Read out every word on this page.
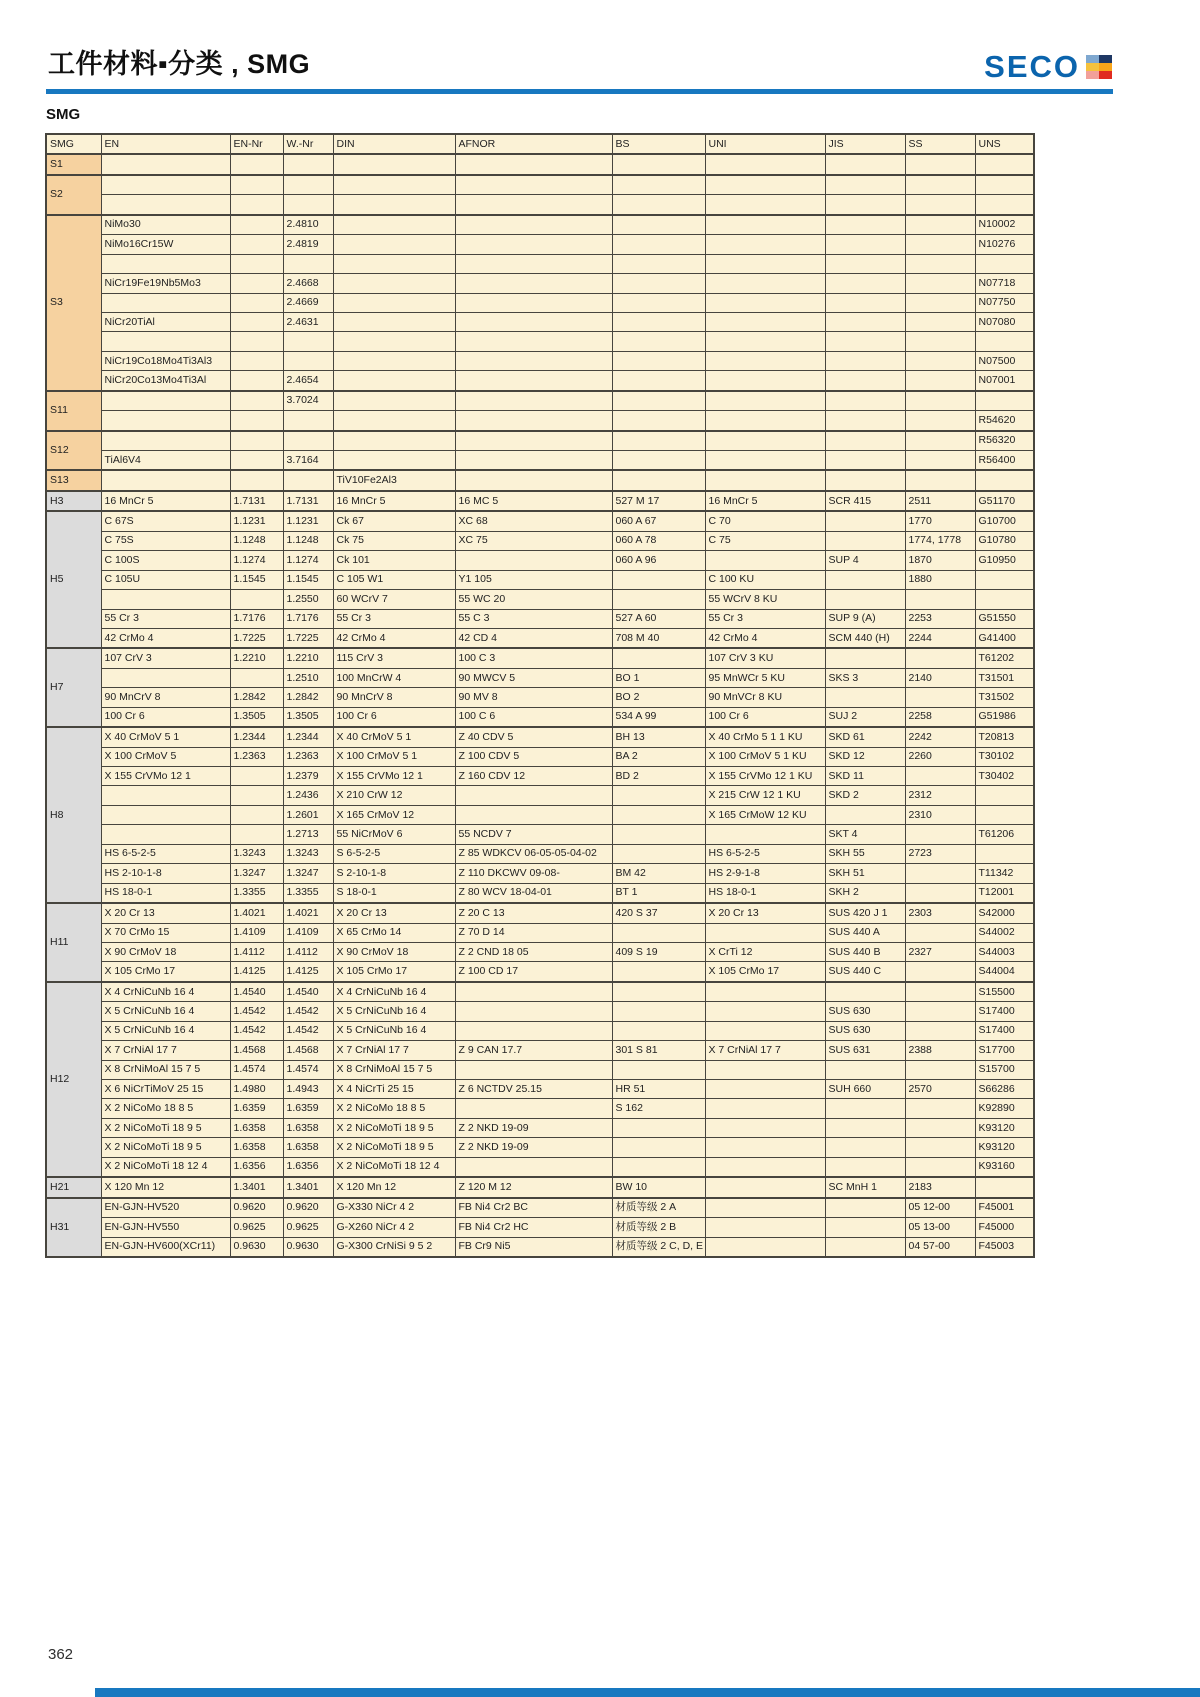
工件材料▪分类 , SMG	SECO
SMG
SMG	EN	EN-Nr	W.-Nr	DIN	AFNOR	BS	UNI	JIS	SS	UNS
S1										
S2										

S3	NiMo30		2.4810							N10002
	NiMo16Cr15W		2.4819							N10276

	NiCr19Fe19Nb5Mo3		2.4668							N07718
			2.4669							N07750
	NiCr20TiAl		2.4631							N07080

	NiCr19Co18Mo4Ti3Al3									N07500
	NiCr20Co13Mo4Ti3Al		2.4654							N07001
S11			3.7024							
										R54620
S12										R56320
	TiAl6V4		3.7164							R56400
S13				TiV10Fe2Al3						
H3	16 MnCr 5	1.7131	1.7131	16 MnCr 5	16 MC 5	527 M 17	16 MnCr 5	SCR 415	2511	G51170
H5	C 67S	1.1231	1.1231	Ck 67	XC 68	060 A 67	C 70		1770	G10700
	C 75S	1.1248	1.1248	Ck 75	XC 75	060 A 78	C 75		1774, 1778	G10780
	C 100S	1.1274	1.1274	Ck 101		060 A 96		SUP 4	1870	G10950
	C 105U	1.1545	1.1545	C 105 W1	Y1 105		C 100 KU		1880	
			1.2550	60 WCrV 7	55 WC 20		55 WCrV 8 KU			
	55 Cr 3	1.7176	1.7176	55 Cr 3	55 C 3	527 A 60	55 Cr 3	SUP 9 (A)	2253	G51550
	42 CrMo 4	1.7225	1.7225	42 CrMo 4	42 CD 4	708 M 40	42 CrMo 4	SCM 440 (H)	2244	G41400
H7	107 CrV 3	1.2210	1.2210	115 CrV 3	100 C 3		107 CrV 3 KU			T61202
			1.2510	100 MnCrW 4	90 MWCV 5	BO 1	95 MnWCr 5 KU	SKS 3	2140	T31501
	90 MnCrV 8	1.2842	1.2842	90 MnCrV 8	90 MV 8	BO 2	90 MnVCr 8 KU			T31502
	100 Cr 6	1.3505	1.3505	100 Cr 6	100 C 6	534 A 99	100 Cr 6	SUJ 2	2258	G51986
H8	X 40 CrMoV 5 1	1.2344	1.2344	X 40 CrMoV 5 1	Z 40 CDV 5	BH 13	X 40 CrMo 5 1 1 KU	SKD 61	2242	T20813
	X 100 CrMoV 5	1.2363	1.2363	X 100 CrMoV 5 1	Z 100 CDV 5	BA 2	X 100 CrMoV 5 1 KU	SKD 12	2260	T30102
	X 155 CrVMo 12 1		1.2379	X 155 CrVMo 12 1	Z 160 CDV 12	BD 2	X 155 CrVMo 12 1 KU	SKD 11		T30402
			1.2436	X 210 CrW 12			X 215 CrW 12 1 KU	SKD 2	2312	
			1.2601	X 165 CrMoV 12			X 165 CrMoW 12 KU		2310	
			1.2713	55 NiCrMoV 6	55 NCDV 7			SKT 4		T61206
	HS 6-5-2-5	1.3243	1.3243	S 6-5-2-5	Z 85 WDKCV 06-05-05-04-02		HS 6-5-2-5	SKH 55	2723	
	HS 2-10-1-8	1.3247	1.3247	S 2-10-1-8	Z 110 DKCWV 09-08-	BM 42	HS 2-9-1-8	SKH 51		T11342
	HS 18-0-1	1.3355	1.3355	S 18-0-1	Z 80 WCV 18-04-01	BT 1	HS 18-0-1	SKH 2		T12001
H11	X 20 Cr 13	1.4021	1.4021	X 20 Cr 13	Z 20 C 13	420 S 37	X 20 Cr 13	SUS 420 J 1	2303	S42000
	X 70 CrMo 15	1.4109	1.4109	X 65 CrMo 14	Z 70 D 14			SUS 440 A		S44002
	X 90 CrMoV 18	1.4112	1.4112	X 90 CrMoV 18	Z 2 CND 18 05	409 S 19	X CrTi 12	SUS 440 B	2327	S44003
	X 105 CrMo 17	1.4125	1.4125	X 105 CrMo 17	Z 100 CD 17		X 105 CrMo 17	SUS 440 C		S44004
H12	X 4 CrNiCuNb 16 4	1.4540	1.4540	X 4 CrNiCuNb 16 4						S15500
	X 5 CrNiCuNb 16 4	1.4542	1.4542	X 5 CrNiCuNb 16 4				SUS 630		S17400
	X 5 CrNiCuNb 16 4	1.4542	1.4542	X 5 CrNiCuNb 16 4				SUS 630		S17400
	X 7 CrNiAl 17 7	1.4568	1.4568	X 7 CrNiAl 17 7	Z 9 CAN 17.7	301 S 81	X 7 CrNiAl 17 7	SUS 631	2388	S17700
	X 8 CrNiMoAl 15 7 5	1.4574	1.4574	X 8 CrNiMoAl 15 7 5						S15700
	X 6 NiCrTiMoV 25 15	1.4980	1.4943	X 4 NiCrTi 25 15	Z 6 NCTDV 25.15	HR 51		SUH 660	2570	S66286
	X 2 NiCoMo 18 8 5	1.6359	1.6359	X 2 NiCoMo 18 8 5		S 162				K92890
	X 2 NiCoMoTi 18 9 5	1.6358	1.6358	X 2 NiCoMoTi 18 9 5	Z 2 NKD 19-09					K93120
	X 2 NiCoMoTi 18 9 5	1.6358	1.6358	X 2 NiCoMoTi 18 9 5	Z 2 NKD 19-09					K93120
	X 2 NiCoMoTi 18 12 4	1.6356	1.6356	X 2 NiCoMoTi 18 12 4						K93160
H21	X 120 Mn 12	1.3401	1.3401	X 120 Mn 12	Z 120 M 12	BW 10		SC MnH 1	2183	
H31	EN-GJN-HV520	0.9620	0.9620	G-X330 NiCr 4 2	FB Ni4 Cr2 BC	材质等级 2 A			05 12-00	F45001
	EN-GJN-HV550	0.9625	0.9625	G-X260 NiCr 4 2	FB Ni4 Cr2 HC	材质等级 2 B			05 13-00	F45000
	EN-GJN-HV600(XCr11)	0.9630	0.9630	G-X300 CrNiSi 9 5 2	FB Cr9 Ni5	材质等级 2 C, D, E			04 57-00	F45003
362
